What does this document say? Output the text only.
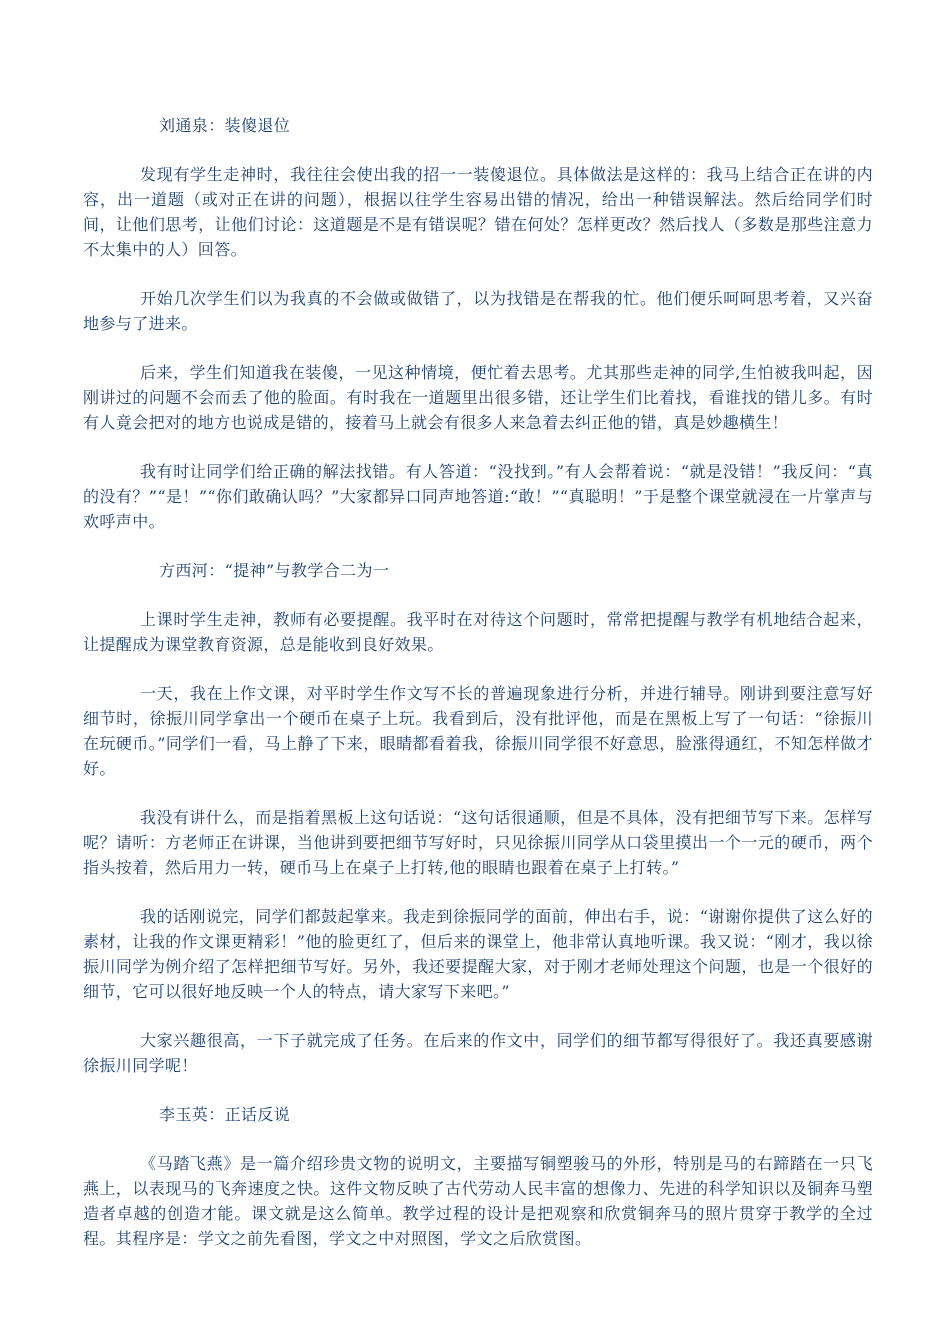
刘通泉：装傻退位

发现有学生走神时，我往往会使出我的招一一装傻退位。具体做法是这样的：我马上结合正在讲的内容，出一道题（或对正在讲的问题），根据以往学生容易出错的情况，给出一种错误解法。然后给同学们时间，让他们思考，让他们讨论：这道题是不是有错误呢？错在何处？怎样更改？然后找人（多数是那些注意力不太集中的人）回答。

开始几次学生们以为我真的不会做或做错了，以为找错是在帮我的忙。他们便乐呵呵思考着，又兴奋地参与了进来。

后来，学生们知道我在装傻，一见这种情境，便忙着去思考。尤其那些走神的同学,生怕被我叫起，因刚讲过的问题不会而丢了他的脸面。有时我在一道题里出很多错，还让学生们比着找，看谁找的错儿多。有时有人竟会把对的地方也说成是错的，接着马上就会有很多人来急着去纠正他的错，真是妙趣横生！

我有时让同学们给正确的解法找错。有人答道：“没找到。”有人会帮着说：“就是没错！”我反问：“真的没有？”“是！”“你们敢确认吗？”大家都异口同声地答道:“敢！”“真聪明！”于是整个课堂就浸在一片掌声与欢呼声中。

方西河：“提神”与教学合二为一

上课时学生走神，教师有必要提醒。我平时在对待这个问题时，常常把提醒与教学有机地结合起来，让提醒成为课堂教育资源，总是能收到良好效果。

一天，我在上作文课，对平时学生作文写不长的普遍现象进行分析，并进行辅导。刚讲到要注意写好细节时，徐振川同学拿出一个硬币在桌子上玩。我看到后，没有批评他，而是在黑板上写了一句话：“徐振川在玩硬币。”同学们一看，马上静了下来，眼睛都看着我，徐振川同学很不好意思，脸涨得通红，不知怎样做才好。

我没有讲什么，而是指着黑板上这句话说：“这句话很通顺，但是不具体，没有把细节写下来。怎样写呢？请听：方老师正在讲课，当他讲到要把细节写好时，只见徐振川同学从口袋里摸出一个一元的硬币，两个指头按着，然后用力一转，硬币马上在桌子上打转,他的眼睛也跟着在桌子上打转。”

我的话刚说完，同学们都鼓起掌来。我走到徐振同学的面前，伸出右手，说：“谢谢你提供了这么好的素材，让我的作文课更精彩！”他的脸更红了，但后来的课堂上，他非常认真地听课。我又说：“刚才，我以徐振川同学为例介绍了怎样把细节写好。另外，我还要提醒大家，对于刚才老师处理这个问题，也是一个很好的细节，它可以很好地反映一个人的特点，请大家写下来吧。”

大家兴趣很高，一下子就完成了任务。在后来的作文中，同学们的细节都写得很好了。我还真要感谢徐振川同学呢！

李玉英：正话反说

《马踏飞燕》是一篇介绍珍贵文物的说明文，主要描写铜塑骏马的外形，特别是马的右蹄踏在一只飞燕上，以表现马的飞奔速度之快。这件文物反映了古代劳动人民丰富的想像力、先进的科学知识以及铜奔马塑造者卓越的创造才能。课文就是这么简单。教学过程的设计是把观察和欣赏铜奔马的照片贯穿于教学的全过程。其程序是：学文之前先看图，学文之中对照图，学文之后欣赏图。
